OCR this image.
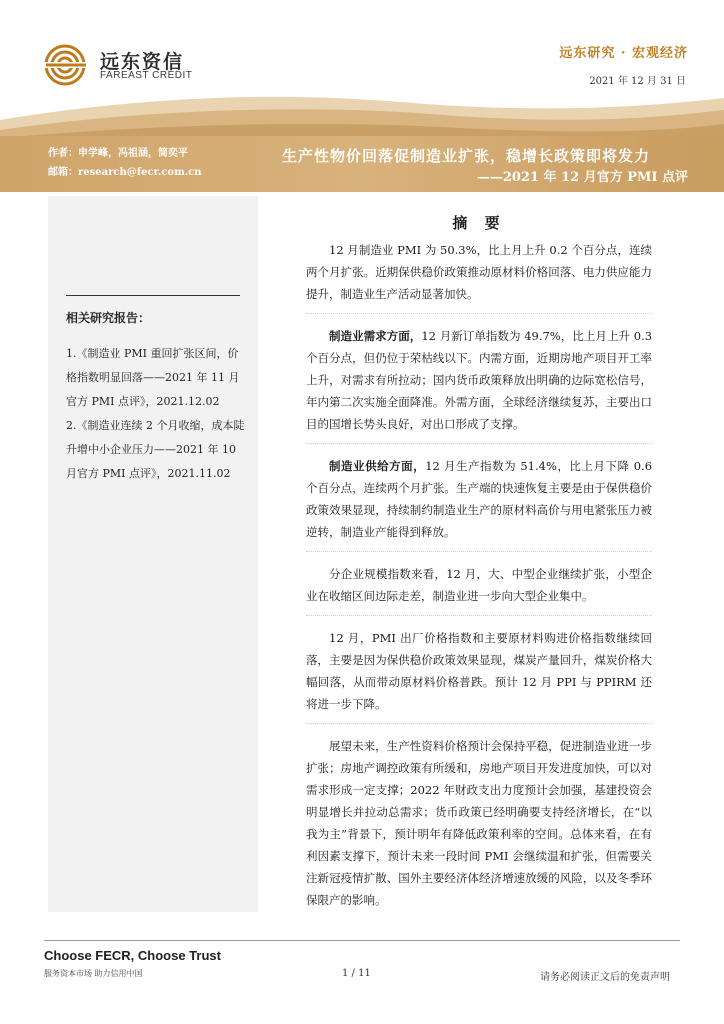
远东资信
FAREAST CREDIT
远东研究 · 宏观经济
2021 年 12 月 31 日
作者：申学峰，冯祖涵，简奕平
邮箱：research@fecr.com.cn
生产性物价回落促制造业扩张，稳增长政策即将发力
——2021 年 12 月官方 PMI 点评
相关研究报告：
1.《制造业 PMI 重回扩张区间，价格指数明显回落——2021 年 11 月官方 PMI 点评》，2021.12.02
2.《制造业连续 2 个月收缩，成本陡升增中小企业压力——2021 年 10 月官方 PMI 点评》，2021.11.02
摘 要

12 月制造业 PMI 为 50.3%，比上月上升 0.2 个百分点，连续两个月扩张。近期保供稳价政策推动原材料价格回落、电力供应能力提升，制造业生产活动显著加快。

制造业需求方面，12 月新订单指数为 49.7%，比上月上升 0.3 个百分点，但仍位于荣枯线以下。内需方面，近期房地产项目开工率上升，对需求有所拉动；国内货币政策释放出明确的边际宽松信号，年内第二次实施全面降准。外需方面，全球经济继续复苏，主要出口目的国增长势头良好，对出口形成了支撑。

制造业供给方面，12 月生产指数为 51.4%，比上月下降 0.6 个百分点，连续两个月扩张。生产端的快速恢复主要是由于保供稳价政策效果显现，持续制约制造业生产的原材料高价与用电紧张压力被逆转，制造业产能得到释放。

分企业规模指数来看，12 月，大、中型企业继续扩张，小型企业在收缩区间边际走差，制造业进一步向大型企业集中。

12 月，PMI 出厂价格指数和主要原材料购进价格指数继续回落，主要是因为保供稳价政策效果显现，煤炭产量回升，煤炭价格大幅回落，从而带动原材料价格普跌。预计 12 月 PPI 与 PPIRM 还将进一步下降。

展望未来，生产性资料价格预计会保持平稳，促进制造业进一步扩张；房地产调控政策有所缓和，房地产项目开发进度加快，可以对需求形成一定支撑；2022 年财政支出力度预计会加强，基建投资会明显增长并拉动总需求；货币政策已经明确要支持经济增长，在“以我为主”背景下，预计明年有降低政策利率的空间。总体来看，在有利因素支撑下，预计未来一段时间 PMI 会继续温和扩张，但需要关注新冠疫情扩散、国外主要经济体经济增速放缓的风险，以及冬季环保限产的影响。

Choose FECR, Choose Trust
服务资本市场 助力信用中国	1 / 11	请务必阅读正文后的免责声明
